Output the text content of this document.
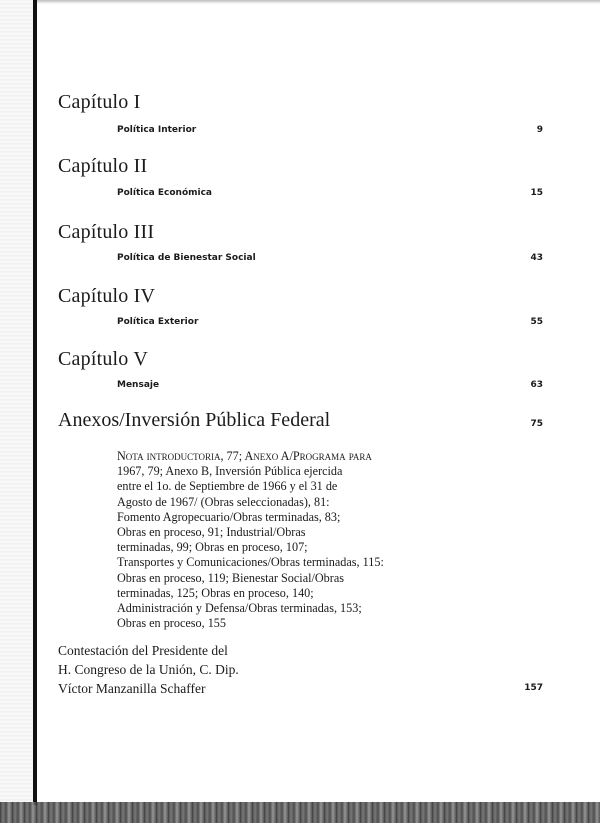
Capítulo I
Política Interior	9
Capítulo II
Política Económica	15
Capítulo III
Política de Bienestar Social	43
Capítulo IV
Política Exterior	55
Capítulo V
Mensaje	63
Anexos/Inversión Pública Federal	75
Nota introductoria, 77; Anexo A/Programa para
1967, 79; Anexo B, Inversión Pública ejercida
entre el 1o. de Septiembre de 1966 y el 31 de
Agosto de 1967/ (Obras seleccionadas), 81:
Fomento Agropecuario/Obras terminadas, 83;
Obras en proceso, 91; Industrial/Obras
terminadas, 99; Obras en proceso, 107;
Transportes y Comunicaciones/Obras terminadas, 115:
Obras en proceso, 119; Bienestar Social/Obras
terminadas, 125; Obras en proceso, 140;
Administración y Defensa/Obras terminadas, 153;
Obras en proceso, 155
Contestación del Presidente del
H. Congreso de la Unión, C. Dip.
Víctor Manzanilla Schaffer	157
